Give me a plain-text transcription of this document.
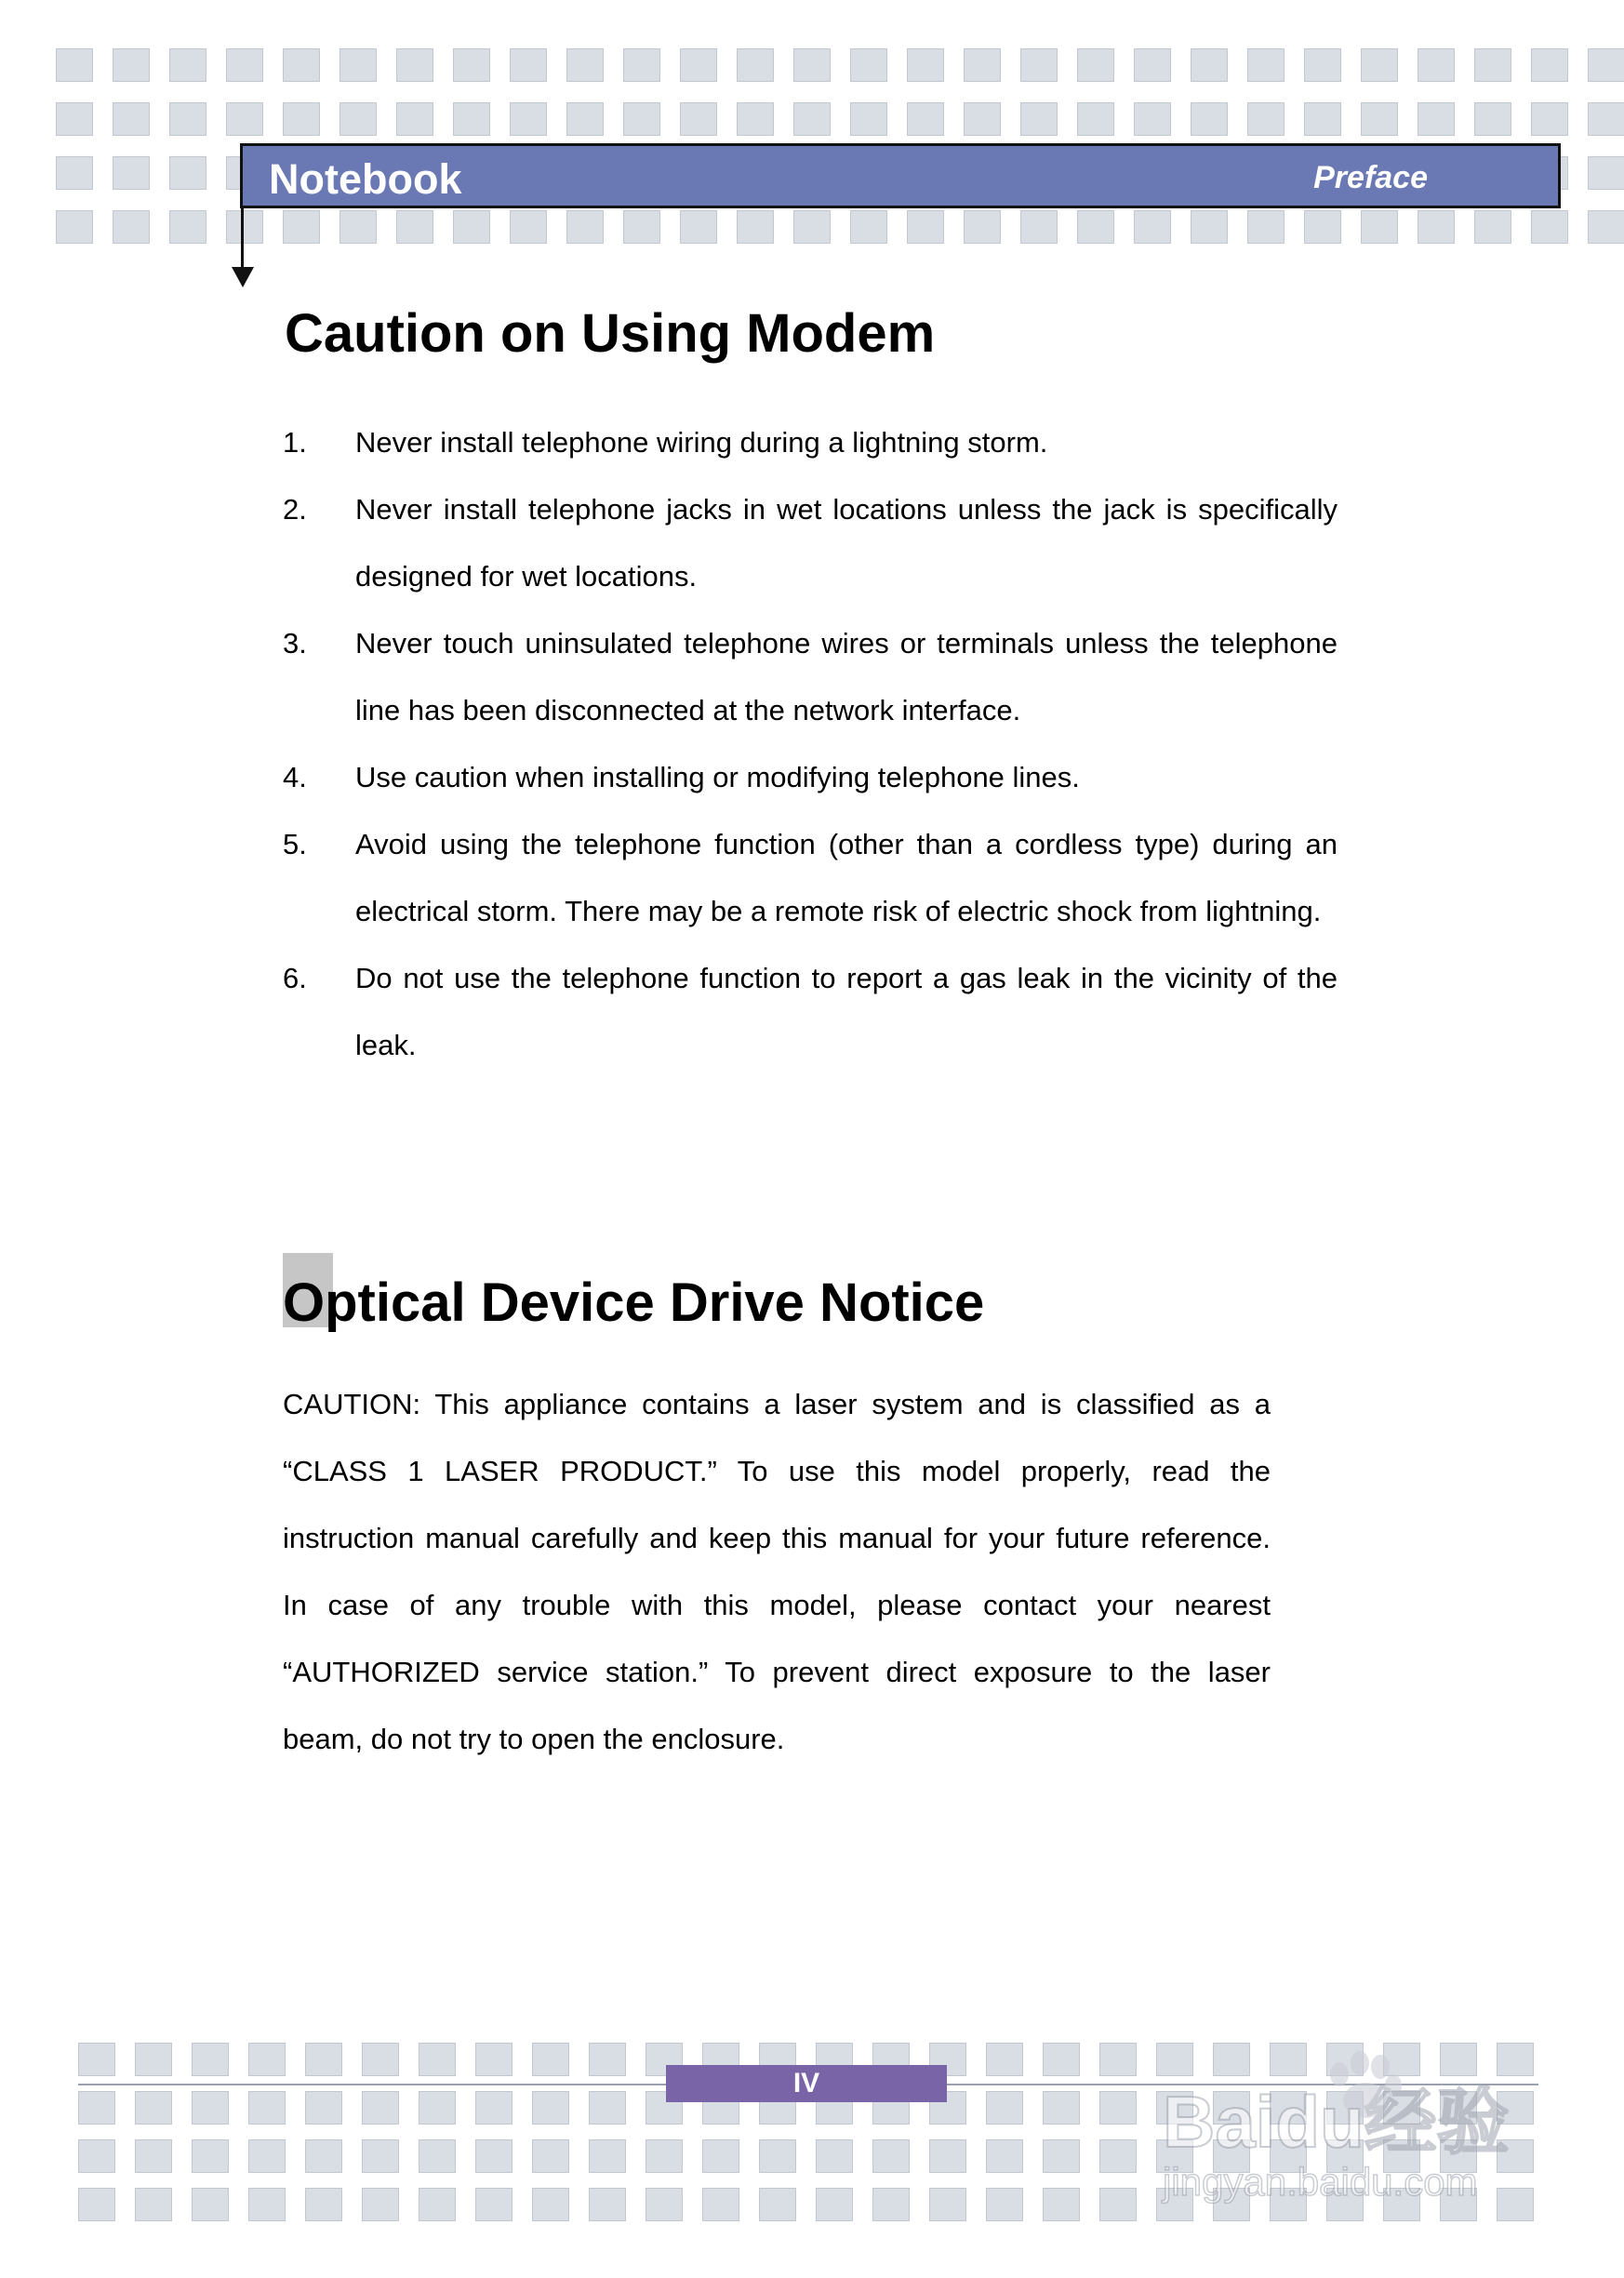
Notebook	Preface
Caution on Using Modem
1. Never install telephone wiring during a lightning storm.
2. Never install telephone jacks in wet locations unless the jack is specifically designed for wet locations.
3. Never touch uninsulated telephone wires or terminals unless the telephone line has been disconnected at the network interface.
4. Use caution when installing or modifying telephone lines.
5. Avoid using the telephone function (other than a cordless type) during an electrical storm. There may be a remote risk of electric shock from lightning.
6. Do not use the telephone function to report a gas leak in the vicinity of the leak.
Optical Device Drive Notice

CAUTION: This appliance contains a laser system and is classified as a “CLASS 1 LASER PRODUCT.” To use this model properly, read the instruction manual carefully and keep this manual for your future reference. In case of any trouble with this model, please contact your nearest “AUTHORIZED service station.” To prevent direct exposure to the laser beam, do not try to open the enclosure.

IV	Baidu经验
jingyan.baidu.com
